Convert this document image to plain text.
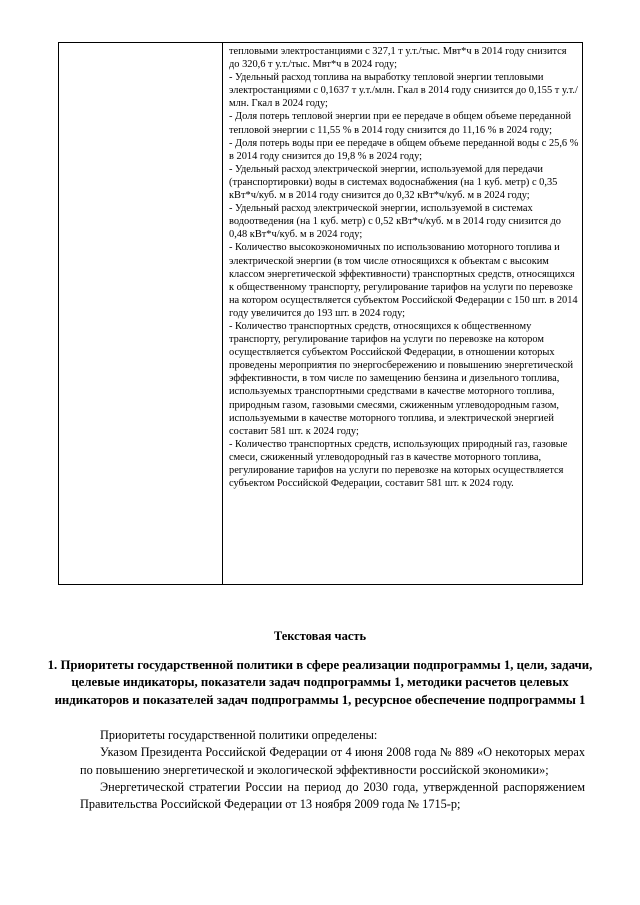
тепловыми электростанциями с 327,1 т у.т./тыс. Мвт*ч в 2014 году снизится до 320,6 т у.т./тыс. Мвт*ч в 2024 году;

- Удельный расход топлива на выработку тепловой энергии тепловыми электростанциями с 0,1637 т у.т./млн. Гкал в 2014 году снизится до 0,155 т у.т./млн. Гкал в 2024 году;

- Доля потерь тепловой энергии при ее передаче в общем объеме переданной тепловой энергии с 11,55 % в 2014 году снизится до 11,16 % в 2024 году;

- Доля потерь воды при ее передаче в общем объеме переданной воды с 25,6 % в 2014 году снизится до 19,8 % в 2024 году;

- Удельный расход электрической энергии, используемой для передачи (транспортировки) воды в системах водоснабжения (на 1 куб. метр) с 0,35 кВт*ч/куб. м в 2014 году снизится до 0,32 кВт*ч/куб. м в 2024 году;

- Удельный расход электрической энергии, используемой в системах водоотведения (на 1 куб. метр) с 0,52 кВт*ч/куб. м в 2014 году снизится до 0,48 кВт*ч/куб. м в 2024 году;

- Количество высокоэкономичных по использованию моторного топлива и электрической энергии (в том числе относящихся к объектам с высоким классом энергетической эффективности) транспортных средств, относящихся к общественному транспорту, регулирование тарифов на услуги по перевозке на котором осуществляется субъектом Российской Федерации с 150 шт. в 2014 году увеличится до 193 шт. в 2024 году;

- Количество транспортных средств, относящихся к общественному транспорту, регулирование тарифов на услуги по перевозке на котором осуществляется субъектом Российской Федерации, в отношении которых проведены мероприятия по энергосбережению и повышению энергетической эффективности, в том числе по замещению бензина и дизельного топлива, используемых транспортными средствами в качестве моторного топлива, природным газом, газовыми смесями, сжиженным углеводородным газом, используемыми в качестве моторного топлива, и электрической энергией составит 581 шт. к 2024 году;

- Количество транспортных средств, использующих природный газ, газовые смеси, сжиженный углеводородный газ в качестве моторного топлива, регулирование тарифов на услуги по перевозке на которых осуществляется субъектом Российской Федерации, составит 581 шт. к 2024 году.

Текстовая часть
1. Приоритеты государственной политики в сфере реализации подпрограммы 1, цели, задачи, целевые индикаторы, показатели задач подпрограммы 1, методики расчетов целевых индикаторов и показателей задач подпрограммы 1, ресурсное обеспечение подпрограммы 1

Приоритеты государственной политики определены:

Указом Президента Российской Федерации от 4 июня 2008 года № 889 «О некоторых мерах по повышению энергетической и экологической эффективности российской экономики»;

Энергетической стратегии России на период до 2030 года, утвержденной распоряжением Правительства Российской Федерации от 13 ноября 2009 года № 1715-р;
